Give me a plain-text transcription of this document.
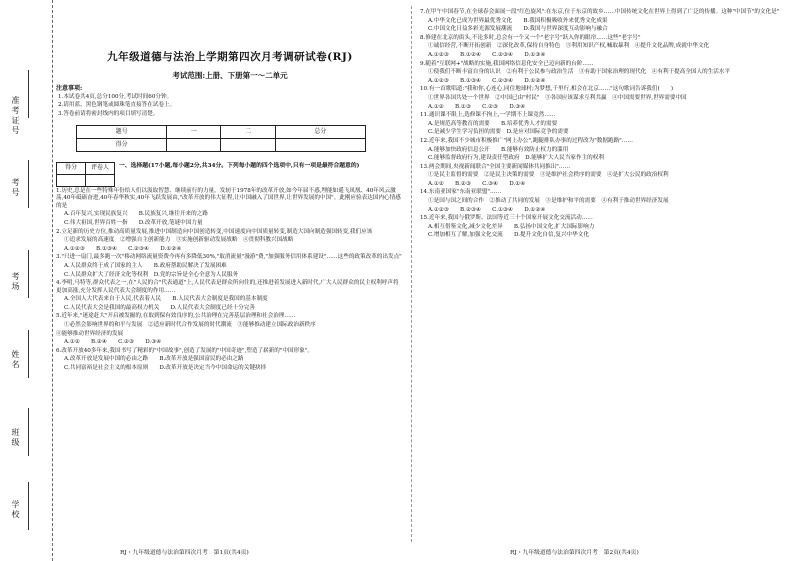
准考证号
考号
考场
姓名
班级
学校
九年级道德与法治上学期第四次月考调研试卷(RJ)
考试范围:上册、下册第一～二单元
注意事项:
1.本试卷共4页,总分100分,考试时间60分钟。
2.请用蓝、黑色钢笔或圆珠笔直接答在试卷上。
3.答卷前请将密封线内的项目填写清楚。
题号	一	二	总分
得分			
得分	评卷人
	一、选择题(17小题,每小题2分,共34分。下列每小题的四个选项中,只有一项是最符合题意的)
1.历史,总是在一些特殊年份给人们以汲取智慧、继续前行的力量。发轫于1978年的改革开放,如今年届不惑,埋能如遥飞凤凰、40年风云激荡,40年砥砺奋进,40年春华秋实,40年飞跃发展由,"改革开放的伟大征程,让中国融入了国世界,让世界发展的中国"。此刚应验表达国内心情感的是
A.百年复兴,实现民族复兴　　B.民族复兴,继往开来的之路
C.伟大祖国,世界百姓一指　　D.改革开放,笔谜中国力量
2.立足新的历史方位,推动高质量发展,推进中国制造向中国创造转变,中国速度向中国质量转变,制造大国向制造强国转变,我们应该
①追求发展的高速度　②增强自主创新能力　③实施创新驱动发展战略　④贯彻科教兴国战略
A.①②③　　B.①③④　　C.②③④　　D.①②④
3."只进一扇门,最多跑一次"移动网络流量资费今再有多降低30%,"取消流量"漫游"费,"加强服务信用体系建设"……这些的政策改革的出发点"
A.人民群众终于成了国家的主人　　B.政府帮助民解决了发展困难
C.人民群众扩大了经济文化等权利　D.党的宗旨是全心全意为人民服务
4.李明,马特等,群众代表之一,在"人民的合"代表通道"上,人民代表是群众所向往的,还推进着发展进入新时代,广大人民群众的民主权利呼声将更加高涨,充分发挥人民代表大会制度的作用……
A.全国人大代表来自于人民,代表着人民　　B.人民代表大会制度是我国的基本制度
C.人民代表大会是我国的最高权力机关　　D.人民代表大会制度已经十分完善
5.近年来,"迷途赶大"开启被发掘的,在取到保有效良序的,公共治理在完善基层治理和社会治理……
①必然会影响世界的和平与发展　②适应新时代合作发展的时代潮流　③能够推动建立国际政治新秩序
④能够推动世界经济的发展
A.①②　　B.②④　　C.②③　　D.③④
6.改革开放40多年来,我国书写了精彩的"中国故事",创造了发展的"中国奇迹",塑造了崭新的"中国形象"。
A.改革开放是发展中国的必由之路　　B.改革开放是强国富民的必由之路
C.共同富裕是社会主义的根本原则　　D.改革开放是决定当今中国命运的关键抉择
7.在甲午中国春节,在全球春会面展一段"红色旋风":在东京,位于东京的故乡……中国传统文化在世界上得到了广泛的传播。这种"中国节"的文化是"
A.中华文化已成为世界最优秀文化　　B.我国积极吸收外来优秀文化成果
C.中国文化日益多彩光源发展潮流　　D.我国与世界深度互动影响与融合
8.修建在北京的街头,不论多时,总会有一个又一个"老字号"跃入你的眼帘……这些"老字号"
①诚信经营,不断开拓创新　②深化改革,保持自身特色　③利用知识产权,喊取暴利　④提升文化品牌,成就中华文化
A.①②③　　B.①②④　　C.②③④　　D.①③④
9.随着"互联网+"战略的实施,我国网络信息化安全已迈向新的台阶……
①使我们不断丰富自身的认识　②有利于公民参与政治生活　③有助于国家治理的现代化　④有利于提高全国人的生活水平
A.①②③　　B.①③④　　C.②③④　　D.①②④
10.有一首歌唱道:"我和你,心连心,同住地球村;为梦想,千里行,相会在北京……"这句歌词告诉我们(　　)
①世界各国共处一个世界　②中国已由"村民"　③各国应该谋求互利共赢　④中国需要世界,世界需要中国
A.①②　　B.①③　　C.②③　　D.③④
11.通识课不限上,选修课不拘上,一学期不上课竟然……
A.是规范高等教育的需要　　B.培养优秀人才的需要
C.是减少学生学习负担的需要　D.是应对国际竞争的需要
12.近年来,我国不少城市积极推广"网上办公",跑腿排队办事的过程改为"数据跑路"……
A.能够加快政府信息公开　　B.能够有效防止权力的滥用
C.能够监督政府行为,建设责任型政府　D.能够扩大人民当家作主的权利
13.两会期间,央视新闻联合"全国主要新闻媒体共同推出"……
①是民主监督的需要　②是民主决策的需要　③是维护社会秩序的需要　④是扩大公民的政治权利
A.①②　　B.②③　　C.③④　　D.①④
14.东南亚国家"东南亚联盟"……
①是国与国之间的合作　②推动了共同的发展　③是维护和平的需要　④有利于推动世界经济发展
A.①②③　　B.②③④　　C.①③④　　D.①②④
15.近年来,我国与俄罗斯、法国等近三十个国家开展文化交流活动……
A.相互借鉴文化,减少文化差异　　B.弘扬中国文化,扩大国际影响力
C.增加相互了解,加强文化交流　　D.提升文化自信,复兴中华文化
RJ・九年级道德与法治第四次月考　第1页(共4页)	RJ・九年级道德与法治第四次月考　第2页(共4页)
